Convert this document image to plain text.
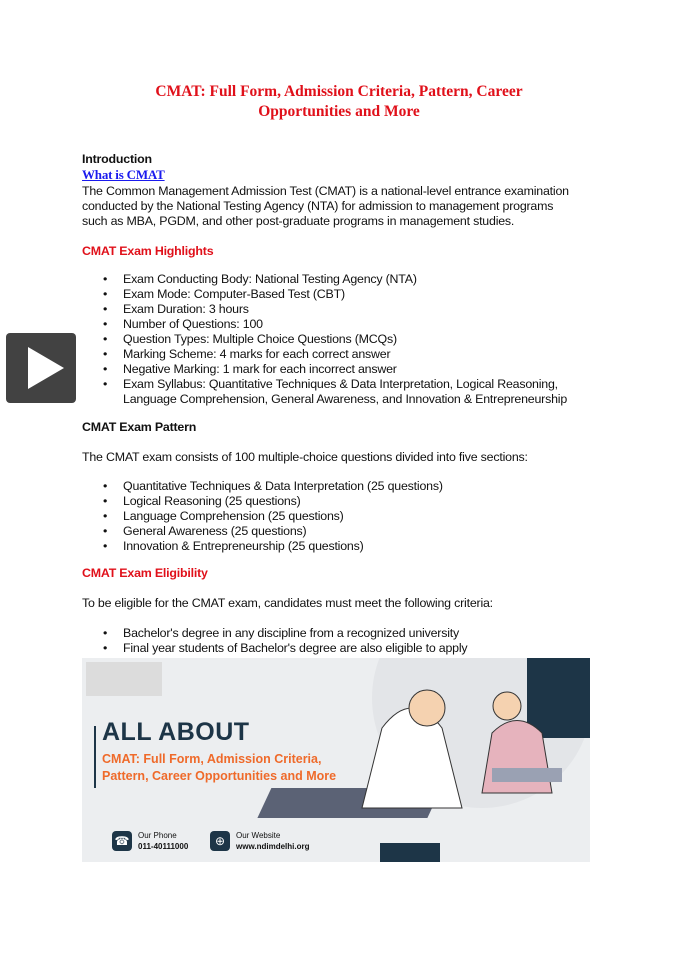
CMAT: Full Form, Admission Criteria, Pattern, Career
Opportunities and More
Introduction
What is CMAT
The Common Management Admission Test (CMAT) is a national-level entrance examination
conducted by the National Testing Agency (NTA) for admission to management programs
such as MBA, PGDM, and other post-graduate programs in management studies.
CMAT Exam Highlights
• Exam Conducting Body: National Testing Agency (NTA)
• Exam Mode: Computer-Based Test (CBT)
• Exam Duration: 3 hours
• Number of Questions: 100
• Question Types: Multiple Choice Questions (MCQs)
• Marking Scheme: 4 marks for each correct answer
• Negative Marking: 1 mark for each incorrect answer
• Exam Syllabus: Quantitative Techniques & Data Interpretation, Logical Reasoning,
Language Comprehension, General Awareness, and Innovation & Entrepreneurship
CMAT Exam Pattern
The CMAT exam consists of 100 multiple-choice questions divided into five sections:
• Quantitative Techniques & Data Interpretation (25 questions)
• Logical Reasoning (25 questions)
• Language Comprehension (25 questions)
• General Awareness (25 questions)
• Innovation & Entrepreneurship (25 questions)
CMAT Exam Eligibility
To be eligible for the CMAT exam, candidates must meet the following criteria:
• Bachelor's degree in any discipline from a recognized university
• Final year students of Bachelor's degree are also eligible to apply
ALL ABOUT
CMAT: Full Form, Admission Criteria,
Pattern, Career Opportunities and More
☎	Our Phone
011-40111000	⊕	Our Website
www.ndimdelhi.org
